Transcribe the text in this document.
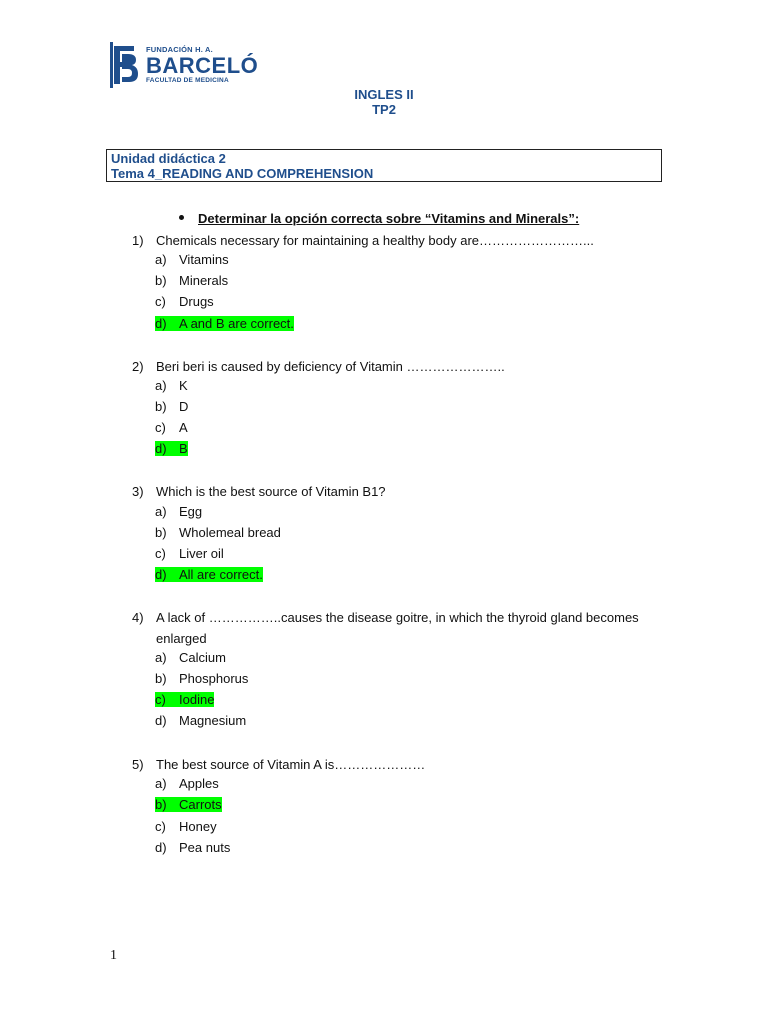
FUNDACIÓN H. A.
BARCELÓ
FACULTAD DE MEDICINA
INGLES II
TP2
Unidad didáctica 2
Tema 4_READING AND COMPREHENSION
Determinar la opción correcta sobre “Vitamins and Minerals”:
1) Chemicals necessary for maintaining a healthy body are……………………...
a) Vitamins
b) Minerals
c) Drugs
d) A and B are correct.
2) Beri beri is caused by deficiency of Vitamin …………………..
a) K
b) D
c) A
d) B
3) Which is the best source of Vitamin B1?
a) Egg
b) Wholemeal bread
c) Liver oil
d) All are correct.
4) A lack of ……………..causes the disease goitre, in which the thyroid gland becomes enlarged
a) Calcium
b) Phosphorus
c) Iodine
d) Magnesium
5) The best source of Vitamin A is…………………
a) Apples
b) Carrots
c) Honey
d) Pea nuts
1
